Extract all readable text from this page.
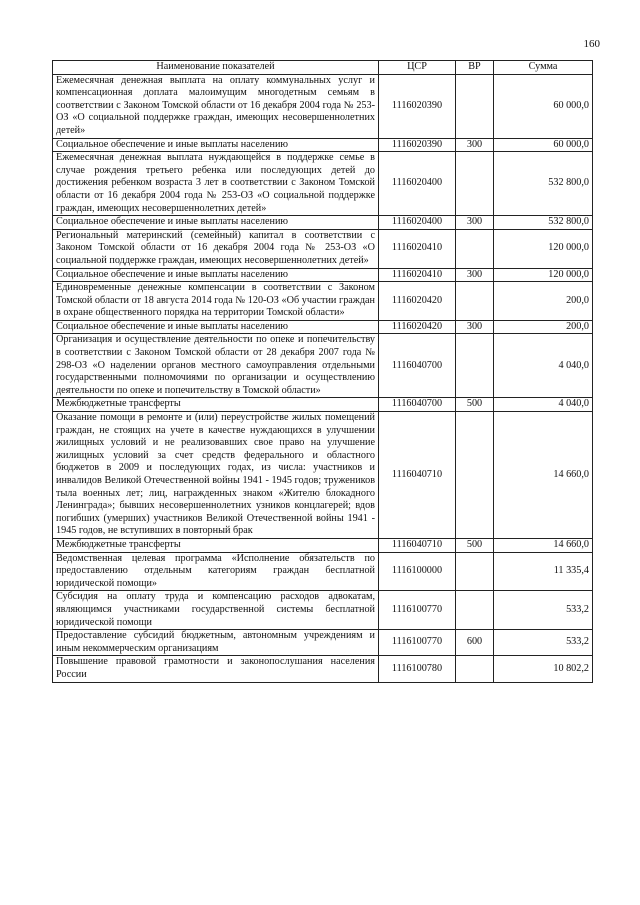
160
Наименование показателей	ЦСР	ВР	Сумма
Ежемесячная денежная выплата на оплату коммунальных услуг и компенсационная доплата малоимущим многодетным семьям в соответствии с Законом Томской области от 16 декабря 2004 года № 253-ОЗ «О социальной поддержке граждан, имеющих несовершеннолетних детей»	1116020390		60 000,0
Социальное обеспечение и иные выплаты населению	1116020390	300	60 000,0
Ежемесячная денежная выплата нуждающейся в поддержке семье в случае рождения третьего ребенка или последующих детей до достижения ребенком возраста 3 лет в соответствии с Законом Томской области от 16 декабря 2004 года № 253-ОЗ «О социальной поддержке граждан, имеющих несовершеннолетних детей»	1116020400		532 800,0
Социальное обеспечение и иные выплаты населению	1116020400	300	532 800,0
Региональный материнский (семейный) капитал в соответствии с Законом Томской области от 16 декабря 2004 года № 253-ОЗ «О социальной поддержке граждан, имеющих несовершеннолетних детей»	1116020410		120 000,0
Социальное обеспечение и иные выплаты населению	1116020410	300	120 000,0
Единовременные денежные компенсации в соответствии с Законом Томской области от 18 августа 2014 года № 120-ОЗ «Об участии граждан в охране общественного порядка на территории Томской области»	1116020420		200,0
Социальное обеспечение и иные выплаты населению	1116020420	300	200,0
Организация и осуществление деятельности по опеке и попечительству в соответствии с Законом Томской области от 28 декабря 2007 года № 298-ОЗ «О наделении органов местного самоуправления отдельными государственными полномочиями по организации и осуществлению деятельности по опеке и попечительству в Томской области»	1116040700		4 040,0
Межбюджетные трансферты	1116040700	500	4 040,0
Оказание помощи в ремонте и (или) переустройстве жилых помещений граждан, не стоящих на учете в качестве нуждающихся в улучшении жилищных условий и не реализовавших свое право на улучшение жилищных условий за счет средств федерального и областного бюджетов в 2009 и последующих годах, из числа: участников и инвалидов Великой Отечественной войны 1941 - 1945 годов; тружеников тыла военных лет; лиц, награжденных знаком «Жителю блокадного Ленинграда»; бывших несовершеннолетних узников концлагерей; вдов погибших (умерших) участников Великой Отечественной войны 1941 - 1945 годов, не вступивших в повторный брак	1116040710		14 660,0
Межбюджетные трансферты	1116040710	500	14 660,0
Ведомственная целевая программа «Исполнение обязательств по предоставлению отдельным категориям граждан бесплатной юридической помощи»	1116100000		11 335,4
Субсидия на оплату труда и компенсацию расходов адвокатам, являющимся участниками государственной системы бесплатной юридической помощи	1116100770		533,2
Предоставление субсидий бюджетным, автономным учреждениям и иным некоммерческим организациям	1116100770	600	533,2
Повышение правовой грамотности и законопослушания населения России	1116100780		10 802,2
